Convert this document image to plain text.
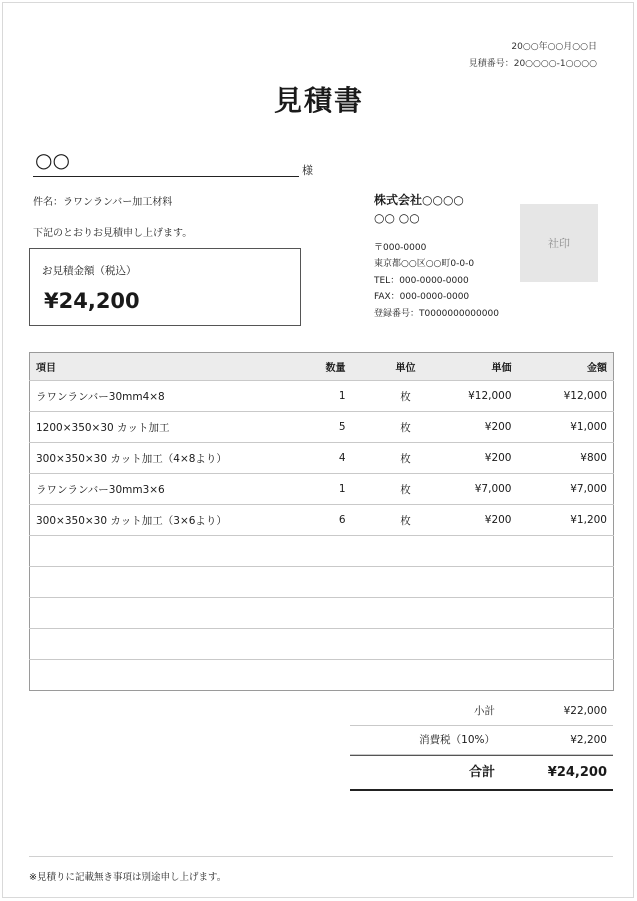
20○○年○○月○○日
見積番号：20○○○○-1○○○○
見積書
○○	様
件名：ラワンランバー加工材料
下記のとおりお見積申し上げます。
お見積金額（税込）
¥24,200
株式会社○○○○
○○ ○○
〒000-0000
東京都○○区○○町0-0-0
TEL：000-0000-0000
FAX：000-0000-0000
登録番号：T0000000000000
社印
項目	数量	単位	単価	金額
ラワンランバー30mm4×8	1	枚	¥12,000	¥12,000
1200×350×30 カット加工	5	枚	¥200	¥1,000
300×350×30 カット加工（4×8より）	4	枚	¥200	¥800
ラワンランバー30mm3×6	1	枚	¥7,000	¥7,000
300×350×30 カット加工（3×6より）	6	枚	¥200	¥1,200

小計	¥22,000
消費税（10%）	¥2,200
合計	¥24,200
※見積りに記載無き事項は別途申し上げます。
